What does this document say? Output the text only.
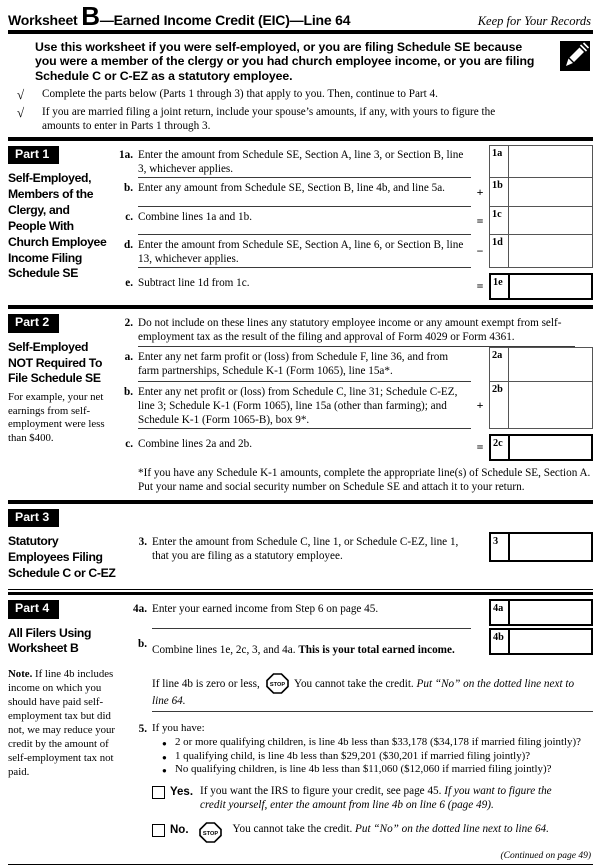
Worksheet B—Earned Income Credit (EIC)—Line 64	Keep for Your Records
Use this worksheet if you were self-employed, or you are filing Schedule SE because you were a member of the clergy or you had church employee income, or you are filing Schedule C or C-EZ as a statutory employee.
√	Complete the parts below (Parts 1 through 3) that apply to you. Then, continue to Part 4.
√	If you are married filing a joint return, include your spouse’s amounts, if any, with yours to figure the amounts to enter in Parts 1 through 3.
Part 1
Self-Employed, Members of the Clergy, and People With Church Employee Income Filing Schedule SE
1a. Enter the amount from Schedule SE, Section A, line 3, or Section B, line 3, whichever applies.
1a
b. Enter any amount from Schedule SE, Section B, line 4b, and line 5a.	+ 1b
c. Combine lines 1a and 1b.	= 1c
d. Enter the amount from Schedule SE, Section A, line 6, or Section B, line 13, whichever applies.
−
1d
e. Subtract line 1d from 1c.	= 1e
Part 2
Self-Employed NOT Required To File Schedule SE
For example, your net earnings from self-employment were less than $400.
2. Do not include on these lines any statutory employee income or any amount exempt from self-employment tax as the result of the filing and approval of Form 4029 or Form 4361.
a. Enter any net farm profit or (loss) from Schedule F, line 36, and from farm partnerships, Schedule K-1 (Form 1065), line 15a*.
2a
b. Enter any net profit or (loss) from Schedule C, line 31; Schedule C-EZ, line 3; Schedule K-1 (Form 1065), line 15a (other than farming); and Schedule K-1 (Form 1065-B), box 9*.
+
2b
c. Combine lines 2a and 2b.	= 2c
*If you have any Schedule K-1 amounts, complete the appropriate line(s) of Schedule SE, Section A. Put your name and social security number on Schedule SE and attach it to your return.
Part 3
Statutory Employees Filing Schedule C or C-EZ
3. Enter the amount from Schedule C, line 1, or Schedule C-EZ, line 1, that you are filing as a statutory employee.
3
Part 4
All Filers Using Worksheet B
Note. If line 4b includes income on which you should have paid self-employment tax but did not, we may reduce your credit by the amount of self-employment tax not paid.
4a. Enter your earned income from Step 6 on page 45.	4a
b. Combine lines 1e, 2c, 3, and 4a. This is your total earned income.
4b
If line 4b is zero or less, STOP You cannot take the credit. Put “No” on the dotted line next to line 64.
5. If you have:
● 2 or more qualifying children, is line 4b less than $33,178 ($34,178 if married filing jointly)?
● 1 qualifying child, is line 4b less than $29,201 ($30,201 if married filing jointly)?
● No qualifying children, is line 4b less than $11,060 ($12,060 if married filing jointly)?
Yes. If you want the IRS to figure your credit, see page 45. If you want to figure the credit yourself, enter the amount from line 4b on line 6 (page 49).
No. STOP You cannot take the credit. Put “No” on the dotted line next to line 64.
(Continued on page 49)
